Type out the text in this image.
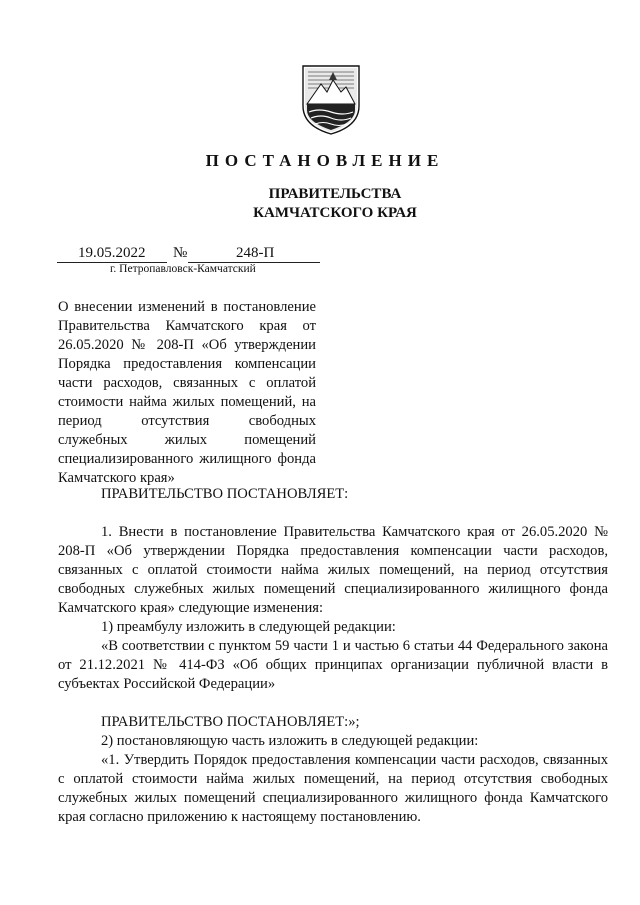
ПОСТАНОВЛЕНИЕ
ПРАВИТЕЛЬСТВА
КАМЧАТСКОГО КРАЯ
19.05.2022 №	248-П
г. Петропавловск-Камчатский
О внесении изменений в постановление Правительства Камчатского края от 26.05.2020 № 208-П «Об утверждении Порядка предоставления компенсации части расходов, связанных с оплатой стоимости найма жилых помещений, на период отсутствия свободных служебных жилых помещений специализированного жилищного фонда Камчатского края»

ПРАВИТЕЛЬСТВО ПОСТАНОВЛЯЕТ:

1. Внести в постановление Правительства Камчатского края от 26.05.2020 № 208-П «Об утверждении Порядка предоставления компенсации части расходов, связанных с оплатой стоимости найма жилых помещений, на период отсутствия свободных служебных жилых помещений специализированного жилищного фонда Камчатского края» следующие изменения:

1) преамбулу изложить в следующей редакции:

«В соответствии с пунктом 59 части 1 и частью 6 статьи 44 Федерального закона от 21.12.2021 № 414-ФЗ «Об общих принципах организации публичной власти в субъектах Российской Федерации»

ПРАВИТЕЛЬСТВО ПОСТАНОВЛЯЕТ:»;

2) постановляющую часть изложить в следующей редакции:

«1. Утвердить Порядок предоставления компенсации части расходов, связанных с оплатой стоимости найма жилых помещений, на период отсутствия свободных служебных жилых помещений специализированного жилищного фонда Камчатского края согласно приложению к настоящему постановлению.
